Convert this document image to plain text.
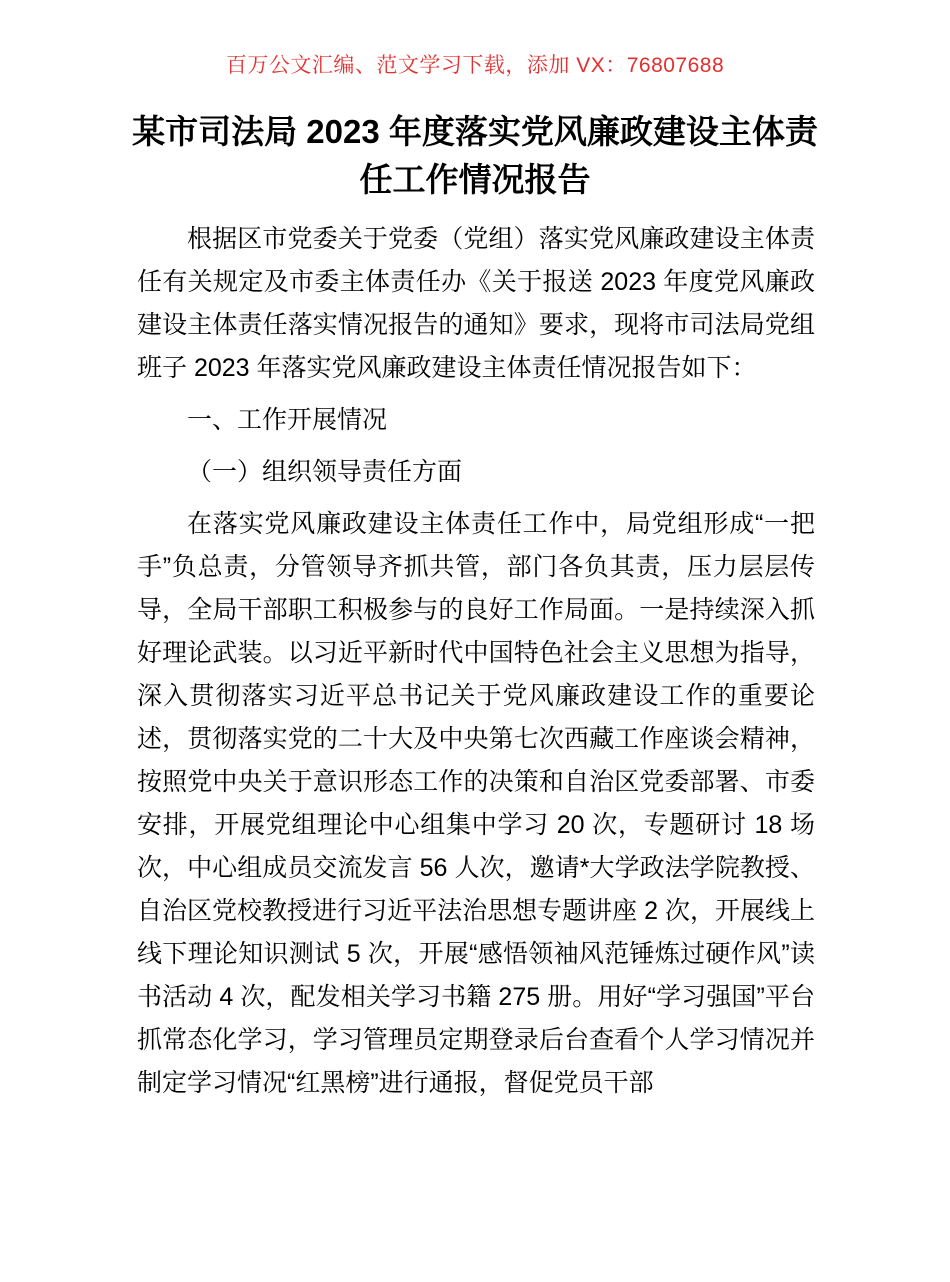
百万公文汇编、范文学习下载，添加 VX：76807688
某市司法局 2023 年度落实党风廉政建设主体责任工作情况报告

根据区市党委关于党委（党组）落实党风廉政建设主体责任有关规定及市委主体责任办《关于报送 2023 年度党风廉政建设主体责任落实情况报告的通知》要求，现将市司法局党组班子 2023 年落实党风廉政建设主体责任情况报告如下：

一、工作开展情况

（一）组织领导责任方面

在落实党风廉政建设主体责任工作中，局党组形成“一把手”负总责，分管领导齐抓共管，部门各负其责，压力层层传导，全局干部职工积极参与的良好工作局面。一是持续深入抓好理论武装。以习近平新时代中国特色社会主义思想为指导，深入贯彻落实习近平总书记关于党风廉政建设工作的重要论述，贯彻落实党的二十大及中央第七次西藏工作座谈会精神，按照党中央关于意识形态工作的决策和自治区党委部署、市委安排，开展党组理论中心组集中学习 20 次，专题研讨 18 场次，中心组成员交流发言 56 人次，邀请*大学政法学院教授、自治区党校教授进行习近平法治思想专题讲座 2 次，开展线上线下理论知识测试 5 次，开展“感悟领袖风范锤炼过硬作风”读书活动 4 次，配发相关学习书籍 275 册。用好“学习强国”平台抓常态化学习，学习管理员定期登录后台查看个人学习情况并制定学习情况“红黑榜”进行通报，督促党员干部
